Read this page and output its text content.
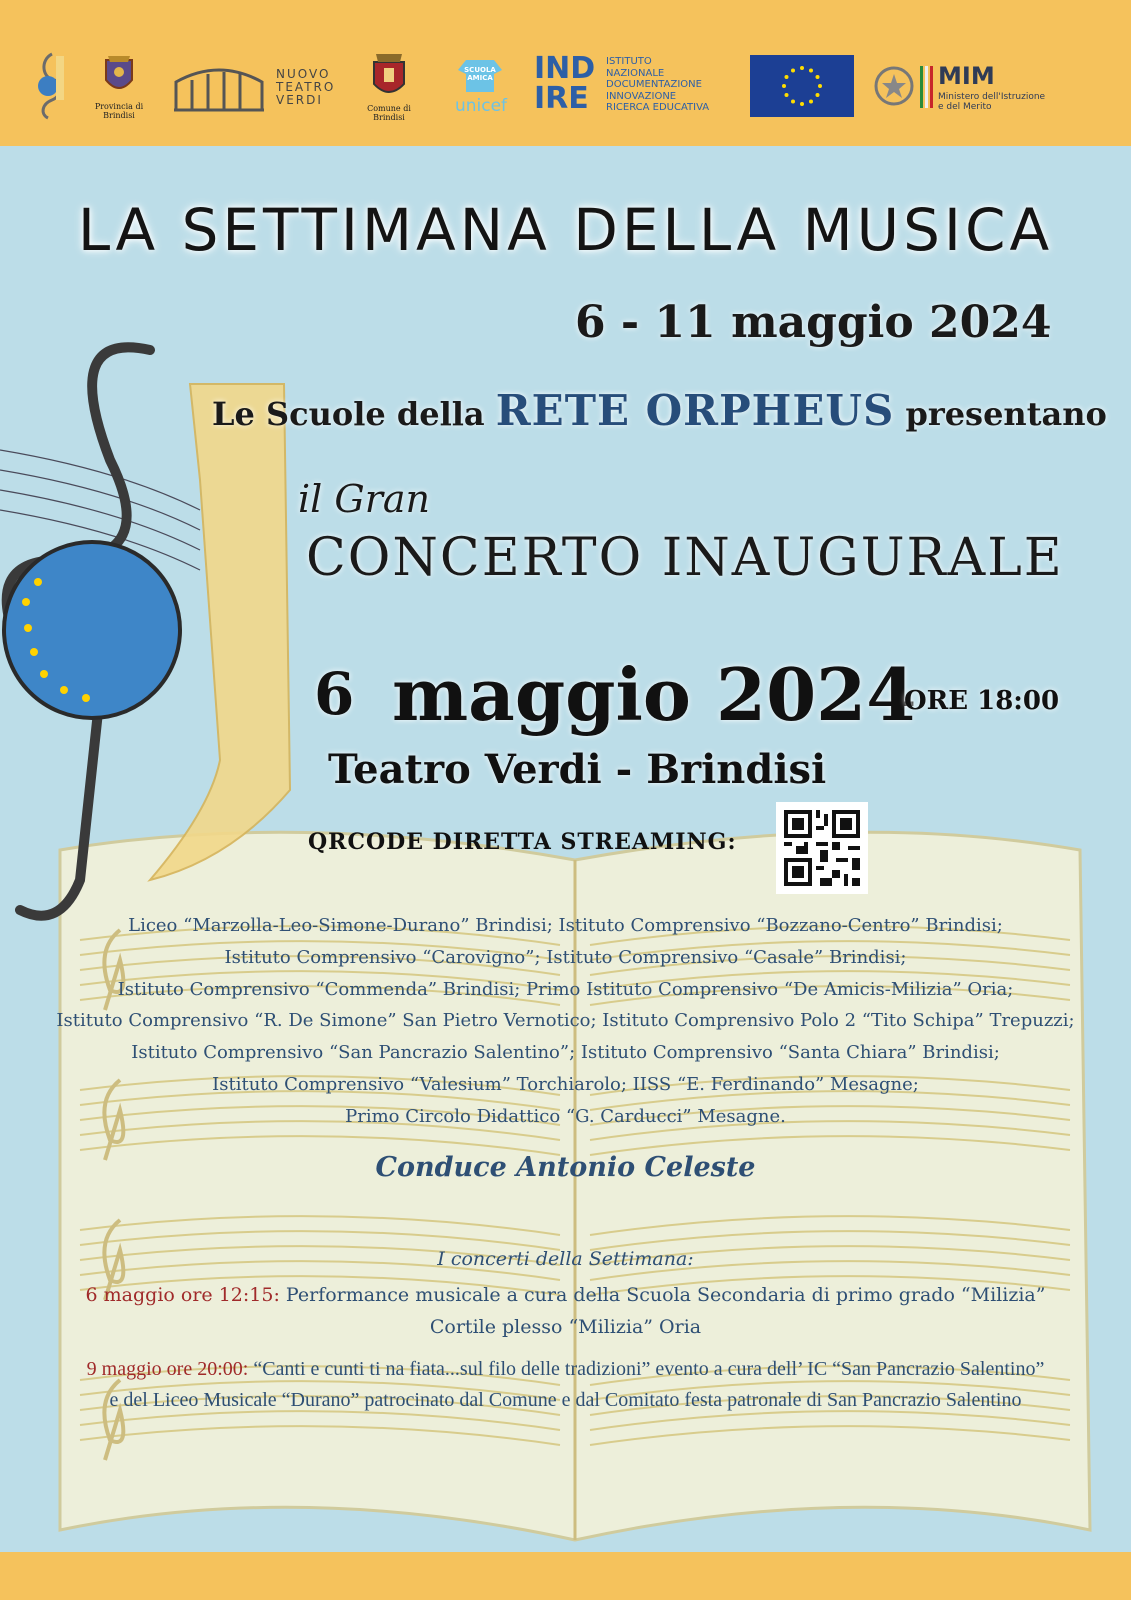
Provincia di Brindisi
NUOVO
TEATRO
VERDI
Comune di Brindisi
SCUOLA AMICA
unicef
IND
IRE
ISTITUTO
NAZIONALE
DOCUMENTAZIONE
INNOVAZIONE
RICERCA EDUCATIVA
MIM
Ministero dell'Istruzione
e del Merito
LA SETTIMANA DELLA MUSICA
6 - 11 maggio 2024
Le Scuole della RETE ORPHEUS presentano
il Gran
CONCERTO INAUGURALE
6 maggio 2024
ORE 18:00
Teatro Verdi - Brindisi
QRCODE DIRETTA STREAMING:
Liceo “Marzolla-Leo-Simone-Durano” Brindisi; Istituto Comprensivo “Bozzano-Centro” Brindisi;
Istituto Comprensivo “Carovigno”; Istituto Comprensivo “Casale” Brindisi;
Istituto Comprensivo “Commenda” Brindisi; Primo Istituto Comprensivo “De Amicis-Milizia” Oria;
Istituto Comprensivo “R. De Simone” San Pietro Vernotico; Istituto Comprensivo Polo 2 “Tito Schipa” Trepuzzi;
Istituto Comprensivo “San Pancrazio Salentino”; Istituto Comprensivo “Santa Chiara” Brindisi;
Istituto Comprensivo “Valesium” Torchiarolo; IISS “E. Ferdinando” Mesagne;
Primo Circolo Didattico “G. Carducci” Mesagne.
Conduce Antonio Celeste
I concerti della Settimana:
6 maggio ore 12:15: Performance musicale a cura della Scuola Secondaria di primo grado “Milizia”
Cortile plesso “Milizia” Oria
9 maggio ore 20:00: “Canti e cunti ti na fiata...sul filo delle tradizioni” evento a cura dell’ IC “San Pancrazio Salentino”
e del Liceo Musicale “Durano” patrocinato dal Comune e dal Comitato festa patronale di San Pancrazio Salentino
